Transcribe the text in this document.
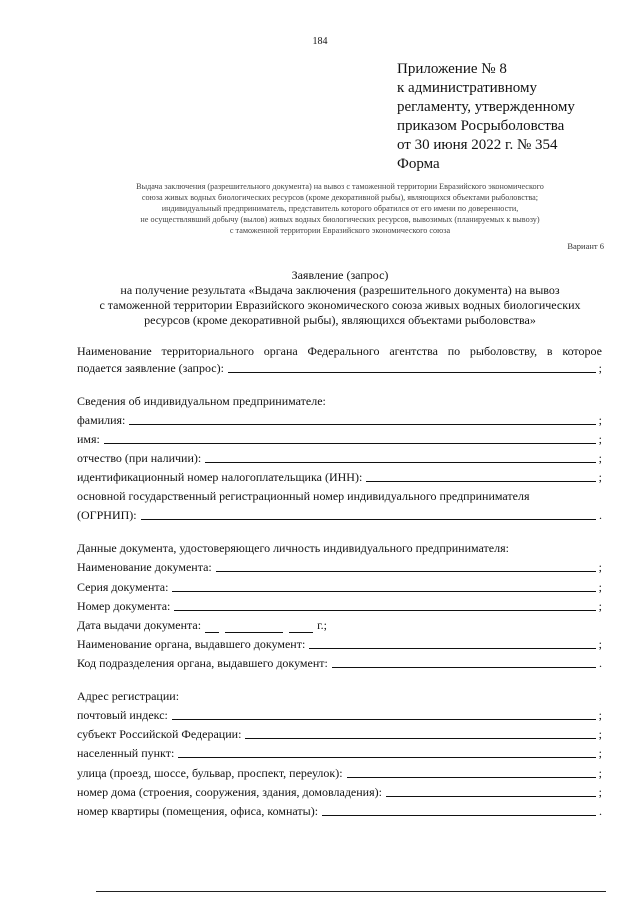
184
Приложение № 8
к административному
регламенту, утвержденному
приказом Росрыболовства
от 30 июня 2022 г. № 354
Форма
Выдача заключения (разрешительного документа) на вывоз с таможенной территории Евразийского экономического
союза живых водных биологических ресурсов (кроме декоративной рыбы), являющихся объектами рыболовства;
индивидуальный предприниматель, представитель которого обратился от его имени по доверенности,
не осуществлявший добычу (вылов) живых водных биологических ресурсов, вывозимых (планируемых к вывозу)
с таможенной территории Евразийского экономического союза
Вариант 6
Заявление (запрос)
на получение результата «Выдача заключения (разрешительного документа) на вывоз
с таможенной территории Евразийского экономического союза живых водных биологических
ресурсов (кроме декоративной рыбы), являющихся объектами рыболовства»
Наименование территориального органа Федерального агентства по рыболовству, в которое
подается заявление (запрос):	;
Сведения об индивидуальном предпринимателе:
фамилия:	;
имя:	;
отчество (при наличии):	;
идентификационный номер налогоплательщика (ИНН):	;
основной государственный регистрационный номер индивидуального предпринимателя
(ОГРНИП):	.
Данные документа, удостоверяющего личность индивидуального предпринимателя:
Наименование документа:	;
Серия документа:	;
Номер документа:	;
Дата выдачи документа:	г.;
Наименование органа, выдавшего документ:	;
Код подразделения органа, выдавшего документ:	.
Адрес регистрации:
почтовый индекс:	;
субъект Российской Федерации:	;
населенный пункт:	;
улица (проезд, шоссе, бульвар, проспект, переулок):	;
номер дома (строения, сооружения, здания, домовладения):	;
номер квартиры (помещения, офиса, комнаты):	.
